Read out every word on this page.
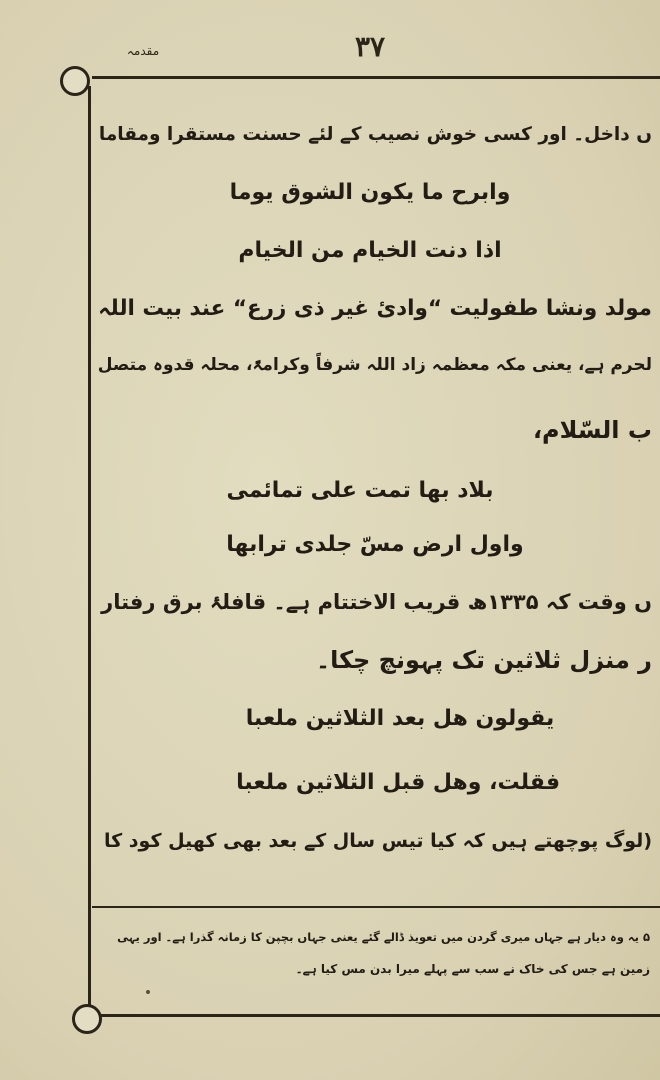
۳۷
مقدمہ
ں داخل۔ اور کسی خوش نصیب کے لئے حسنت مستقرا ومقاما
وابرح ما یکون الشوق یوما
اذا دنت الخیام من الخیام
مولد ونشا طفولیت “وادیٔ غیر ذی زرع“ عند بیت اللہ
لحرم ہے، یعنی مکہ معظمہ زاد اللہ شرفاً وکرامۃً، محلہ قدوہ متصل
ب السّلام،
بلاد بھا تمت علی تمائمی
واول ارض مسّ جلدی ترابھا
ں وقت کہ ۱۳۳۵ھ قریب الاختتام ہے۔ قافلۂ برق رفتار
ر منزل ثلاثین تک پہونچ چکا۔
یقولون ھل بعد الثلاثین ملعبا
فقلت، وھل قبل الثلاثین ملعبا
(لوگ پوچھتے ہیں کہ کیا تیس سال کے بعد بھی کھیل کود کا
۵ یہ وہ دیار ہے جہاں میری گردن میں تعویذ ڈالے گئے یعنی جہاں بچپن کا زمانہ گذرا ہے۔ اور یہی
زمین ہے جس کی خاک نے سب سے پہلے میرا بدن مس کیا ہے۔
